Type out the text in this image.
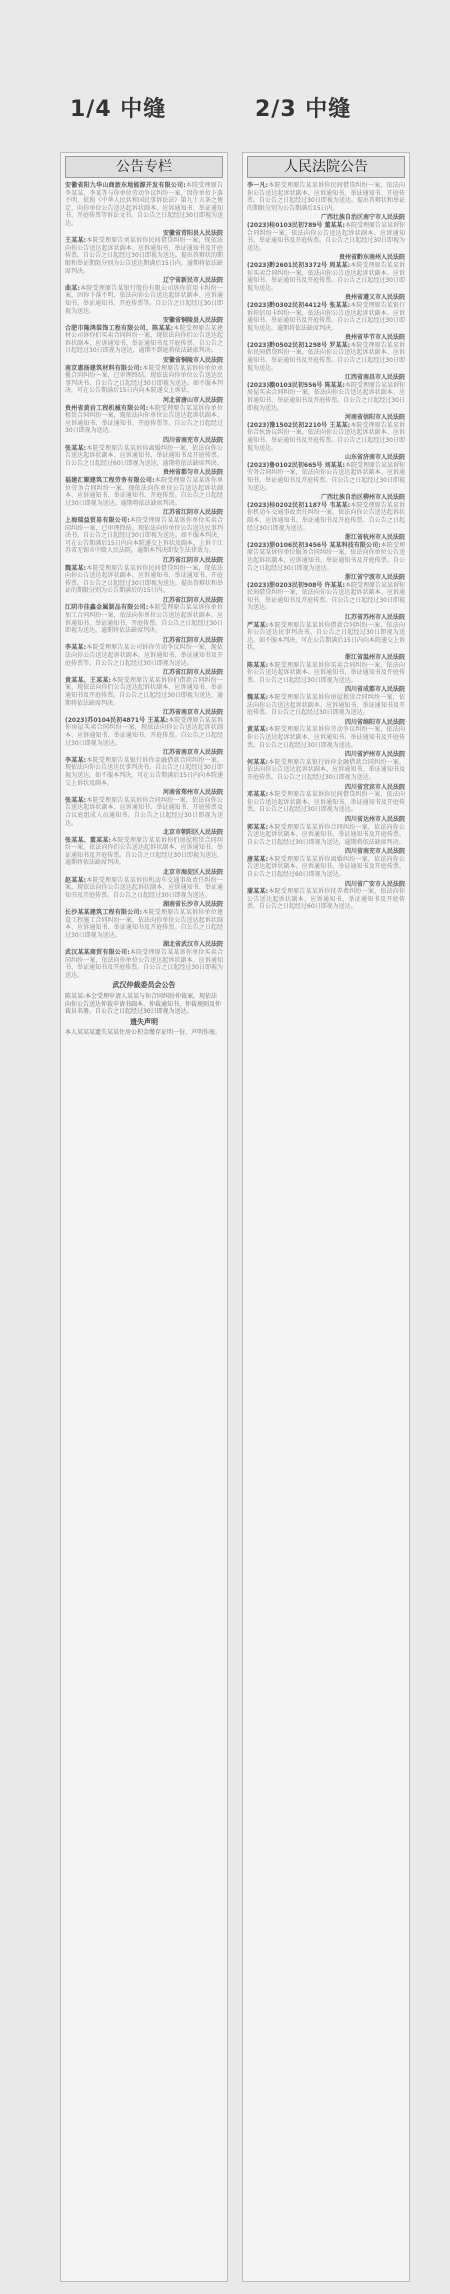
1/4 中缝	2/3 中缝
公告专栏

安徽省阳九华山商旅东地能源开发有限公司:本院受理原告李某某、李某等与你单位劳动争议纠纷一案，因你单位下落不明，依照《中华人民共和国民事诉讼法》第九十五条之规定，向你单位公告送达起诉状副本、应诉通知书、举证通知书、开庭传票等诉讼文书。自公告之日起经过30日即视为送达。

安徽省青阳县人民法院
王某某:本院受理原告刘某诉你民间借贷纠纷一案，现依法向你公告送达起诉状副本、应诉通知书、举证通知书及开庭传票。自公告之日起经过30日即视为送达。提出答辩状的期限和举证期限分别为公告送达期满后15日内。逾期将依法缺席判决。

辽宁省新民市人民法院
曲某:本院受理原告某银行股份有限公司诉你信用卡纠纷一案，因你下落不明，依法向你公告送达起诉状副本、应诉通知书、举证通知书、开庭传票等。自公告之日起经过30日即视为送达。

安徽省铜陵县人民法院
合肥市隆鸿装饰工程有限公司、陈某某:本院受理原告某建材公司诉你们买卖合同纠纷一案，现依法向你们公告送达起诉状副本、应诉通知书、举证通知书及开庭传票。自公告之日起经过30日即视为送达，逾期不到庭将依法缺席判决。

安徽省铜陵市人民法院
南京惠扬建筑材料有限公司:本院受理原告某某诉你单位承揽合同纠纷一案，已审理终结。现依法向你单位公告送达民事判决书。自公告之日起经过30日即视为送达。如不服本判决，可在公告期满后15日内向本院递交上诉状。

河北省唐山市人民法院
贵州省黄岩工程机械有限公司:本院受理原告某某诉你单位租赁合同纠纷一案，现依法向你单位公告送达起诉状副本、应诉通知书、举证通知书、开庭传票等。自公告之日起经过30日即视为送达。

四川省南充市人民法院
张某某:本院受理原告某某诉你离婚纠纷一案，依法向你公告送达起诉状副本、应诉通知书、举证通知书及开庭传票。自公告之日起经过60日即视为送达，逾期将依法缺席判决。

贵州省都匀市人民法院
福建汇顺建筑工程劳务有限公司:本院受理原告某某诉你单位劳务合同纠纷一案，现依法向你单位公告送达起诉状副本、应诉通知书、举证通知书、开庭传票。自公告之日起经过30日即视为送达。逾期将依法缺席判决。

江苏省江阴市人民法院
上海瑞益贸易有限公司:本院受理原告某某诉你单位买卖合同纠纷一案，已审理终结。现依法向你单位公告送达民事判决书。自公告之日起经过30日即视为送达。如不服本判决，可在公告期满后15日内向本院递交上诉状及副本，上诉于江苏省无锡市中级人民法院。逾期本判决即发生法律效力。

江苏省江阴市人民法院
魏某某:本院受理原告某某诉你民间借贷纠纷一案，现依法向你公告送达起诉状副本、应诉通知书、举证通知书、开庭传票。自公告之日起经过30日即视为送达。提出答辩状和举证的期限分别为公告期满后的15日内。

江苏省江阴市人民法院
江阴市佳鑫金属制品有限公司:本院受理原告某某诉你单位加工合同纠纷一案，依法向你单位公告送达起诉状副本、应诉通知书、举证通知书、开庭传票。自公告之日起经过30日即视为送达。逾期将依法缺席判决。

江苏省江阴市人民法院
李某某:本院受理原告某公司诉你劳动争议纠纷一案，现依法向你公告送达起诉状副本、应诉通知书、举证通知书及开庭传票等。自公告之日起经过30日即视为送达。

江苏省江阴市人民法院
黄某某、王某某:本院受理原告某某诉你们借款合同纠纷一案，现依法向你们公告送达起诉状副本、应诉通知书、举证通知书及开庭传票。自公告之日起经过30日即视为送达，逾期将依法缺席判决。

江苏省南京市人民法院
(2023)苏0104民初4871号 王某某:本院受理原告某某诉你房屋买卖合同纠纷一案，现依法向你公告送达起诉状副本、应诉通知书、举证通知书、开庭传票。自公告之日起经过30日即视为送达。

江苏省南京市人民法院
李某某:本院受理原告某银行诉你金融借款合同纠纷一案，现依法向你公告送达民事判决书。自公告之日起经过30日即视为送达。如不服本判决，可在公告期满后15日内向本院递交上诉状及副本。

河南省郑州市人民法院
张某某:本院受理原告某某诉你合同纠纷一案，依法向你公告送达起诉状副本、应诉通知书、举证通知书、开庭传票及合议庭组成人员通知书。自公告之日起经过30日即视为送达。

北京市朝阳区人民法院
张某某、董某某:本院受理原告某某诉你们房屋租赁合同纠纷一案，依法向你们公告送达起诉状副本、应诉通知书、举证通知书及开庭传票。自公告之日起经过30日即视为送达，逾期将依法缺席判决。

北京市海淀区人民法院
赵某某:本院受理原告某某诉你机动车交通事故责任纠纷一案，现依法向你公告送达起诉状副本、应诉通知书、举证通知书及开庭传票。自公告之日起经过30日即视为送达。

湖南省长沙市人民法院
长沙某某建筑工程有限公司:本院受理原告某某诉你单位建设工程施工合同纠纷一案，依法向你单位公告送达起诉状副本、应诉通知书、举证通知书及开庭传票。自公告之日起经过30日即视为送达。

湖北省武汉市人民法院
武汉某某商贸有限公司:本院受理原告某某诉你单位买卖合同纠纷一案，依法向你单位公告送达起诉状副本、应诉通知书、举证通知书及开庭传票。自公告之日起经过30日即视为送达。

武汉仲裁委员会公告
陈某某:本会受理申请人某某与你合同纠纷仲裁案，现依法向你公告送达仲裁申请书副本、仲裁通知书、仲裁规则及仲裁员名册。自公告之日起经过30日即视为送达。
遗失声明
本人某某某遗失某某住房公积金缴存证明一份，声明作废。
人民法院公告

李一凡:本院受理原告某某诉你民间借贷纠纷一案，依法向你公告送达起诉状副本、应诉通知书、举证通知书、开庭传票。自公告之日起经过30日即视为送达。提出答辩状和举证的期限分别为公告期满后15日内。

广西壮族自治区南宁市人民法院
(2023)桂0103民初789号 董某某:本院受理原告某某诉你合同纠纷一案，依法向你公告送达起诉状副本、应诉通知书、举证通知书及开庭传票。自公告之日起经过30日即视为送达。

贵州省黔东南州人民法院
(2023)黔2601民初3372号 周某某:本院受理原告某某诉你买卖合同纠纷一案，依法向你公告送达起诉状副本、应诉通知书、举证通知书及开庭传票。自公告之日起经过30日即视为送达。

贵州省遵义市人民法院
(2023)黔0302民初4412号 张某某:本院受理原告某银行诉你信用卡纠纷一案，依法向你公告送达起诉状副本、应诉通知书、举证通知书及开庭传票。自公告之日起经过30日即视为送达，逾期将依法缺席判决。

贵州省毕节市人民法院
(2023)黔0502民初1298号 罗某某:本院受理原告某某诉你民间借贷纠纷一案，依法向你公告送达起诉状副本、应诉通知书、举证通知书及开庭传票。自公告之日起经过30日即视为送达。

江西省南昌市人民法院
(2023)赣0103民初556号 陈某某:本院受理原告某某诉你房屋买卖合同纠纷一案，依法向你公告送达起诉状副本、应诉通知书、举证通知书及开庭传票。自公告之日起经过30日即视为送达。

河南省信阳市人民法院
(2023)豫1502民初2210号 王某某:本院受理原告某某诉你合伙协议纠纷一案，依法向你公告送达起诉状副本、应诉通知书、举证通知书及开庭传票。自公告之日起经过30日即视为送达。

山东省济南市人民法院
(2023)鲁0102民初665号 刘某某:本院受理原告某某诉你劳务合同纠纷一案，依法向你公告送达起诉状副本、应诉通知书、举证通知书及开庭传票。自公告之日起经过30日即视为送达。

广西壮族自治区柳州市人民法院
(2023)桂0202民初1187号 韦某某:本院受理原告某某诉你机动车交通事故责任纠纷一案，依法向你公告送达起诉状副本、应诉通知书、举证通知书及开庭传票。自公告之日起经过30日即视为送达。

浙江省杭州市人民法院
(2023)浙0106民初3456号 某某科技有限公司:本院受理原告某某诉你单位服务合同纠纷一案，依法向你单位公告送达起诉状副本、应诉通知书、举证通知书及开庭传票。自公告之日起经过30日即视为送达。

浙江省宁波市人民法院
(2023)浙0203民初908号 许某某:本院受理原告某某诉你民间借贷纠纷一案，依法向你公告送达起诉状副本、应诉通知书、举证通知书及开庭传票。自公告之日起经过30日即视为送达。

江苏省苏州市人民法院
严某某:本院受理原告某某诉你借款合同纠纷一案，依法向你公告送达民事判决书。自公告之日起经过30日即视为送达。如不服本判决，可在公告期满后15日内向本院递交上诉状。

浙江省温州市人民法院
陈某某:本院受理原告某某诉你买卖合同纠纷一案，依法向你公告送达起诉状副本、应诉通知书、举证通知书及开庭传票。自公告之日起经过30日即视为送达。

四川省成都市人民法院
魏某某:本院受理原告某某诉你房屋租赁合同纠纷一案，依法向你公告送达起诉状副本、应诉通知书、举证通知书及开庭传票。自公告之日起经过30日即视为送达。

四川省绵阳市人民法院
黄某某:本院受理原告某某诉你劳动争议纠纷一案，依法向你公告送达起诉状副本、应诉通知书、举证通知书及开庭传票。自公告之日起经过30日即视为送达。

四川省泸州市人民法院
何某某:本院受理原告某银行诉你金融借款合同纠纷一案，依法向你公告送达起诉状副本、应诉通知书、举证通知书及开庭传票。自公告之日起经过30日即视为送达。

四川省宜宾市人民法院
邓某某:本院受理原告某某诉你民间借贷纠纷一案，依法向你公告送达起诉状副本、应诉通知书、举证通知书及开庭传票。自公告之日起经过30日即视为送达。

四川省达州市人民法院
郭某某:本院受理原告某某诉你合同纠纷一案，依法向你公告送达起诉状副本、应诉通知书、举证通知书及开庭传票。自公告之日起经过30日即视为送达，逾期将依法缺席判决。

四川省南充市人民法院
唐某某:本院受理原告某某诉你离婚纠纷一案，依法向你公告送达起诉状副本、应诉通知书、举证通知书及开庭传票。自公告之日起经过60日即视为送达。

四川省广安市人民法院
蒲某某:本院受理原告某某诉你抚养费纠纷一案，依法向你公告送达起诉状副本、应诉通知书、举证通知书及开庭传票。自公告之日起经过60日即视为送达。
